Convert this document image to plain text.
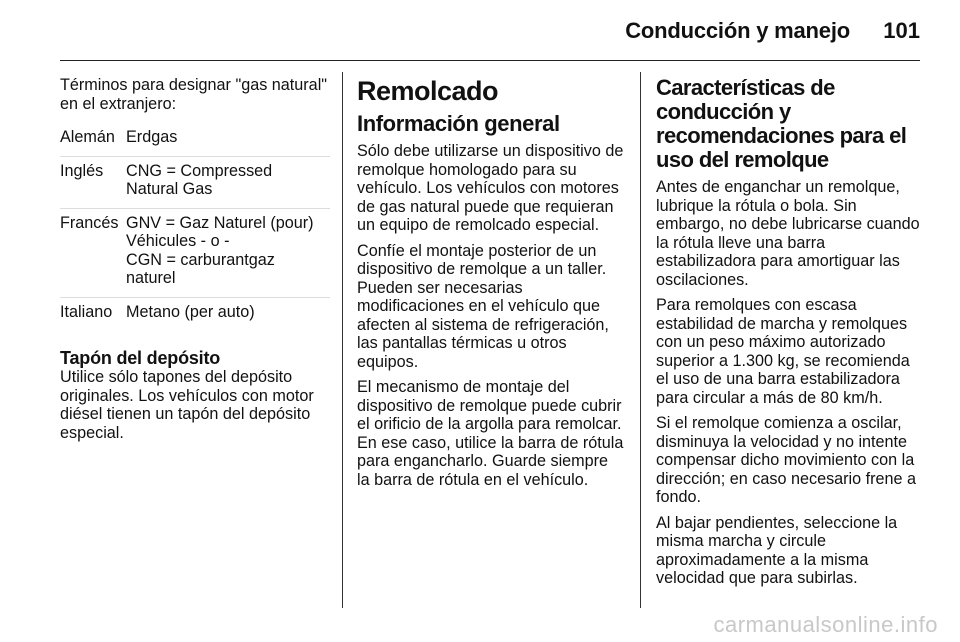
Conducción y manejo 101

Términos para designar "gas natural" en el extranjero:

Alemán Erdgas
Inglés	CNG = Compressed
Natural Gas
Francés GNV = Gaz Naturel (pour)
Véhicules - o -
CGN = carburantgaz
naturel
Italiano Metano (per auto)
Tapón del depósito

Utilice sólo tapones del depósito originales. Los vehículos con motor diésel tienen un tapón del depósito especial.

Remolcado
Información general

Sólo debe utilizarse un dispositivo de remolque homologado para su vehículo. Los vehículos con motores de gas natural puede que requieran un equipo de remolcado especial.

Confíe el montaje posterior de un dispositivo de remolque a un taller. Pueden ser necesarias modificaciones en el vehículo que afecten al sistema de refrigeración, las pantallas térmicas u otros equipos.

El mecanismo de montaje del dispositivo de remolque puede cubrir el orificio de la argolla para remolcar. En ese caso, utilice la barra de rótula para engancharlo. Guarde siempre la barra de rótula en el vehículo.

Características de conducción y recomendaciones para el uso del remolque

Antes de enganchar un remolque, lubrique la rótula o bola. Sin embargo, no debe lubricarse cuando la rótula lleve una barra estabilizadora para amortiguar las oscilaciones.

Para remolques con escasa estabilidad de marcha y remolques con un peso máximo autorizado superior a 1.300 kg, se recomienda el uso de una barra estabilizadora para circular a más de 80 km/h.

Si el remolque comienza a oscilar, disminuya la velocidad y no intente compensar dicho movimiento con la dirección; en caso necesario frene a fondo.

Al bajar pendientes, seleccione la misma marcha y circule aproximadamente a la misma velocidad que para subirlas.

carmanualsonline.info
